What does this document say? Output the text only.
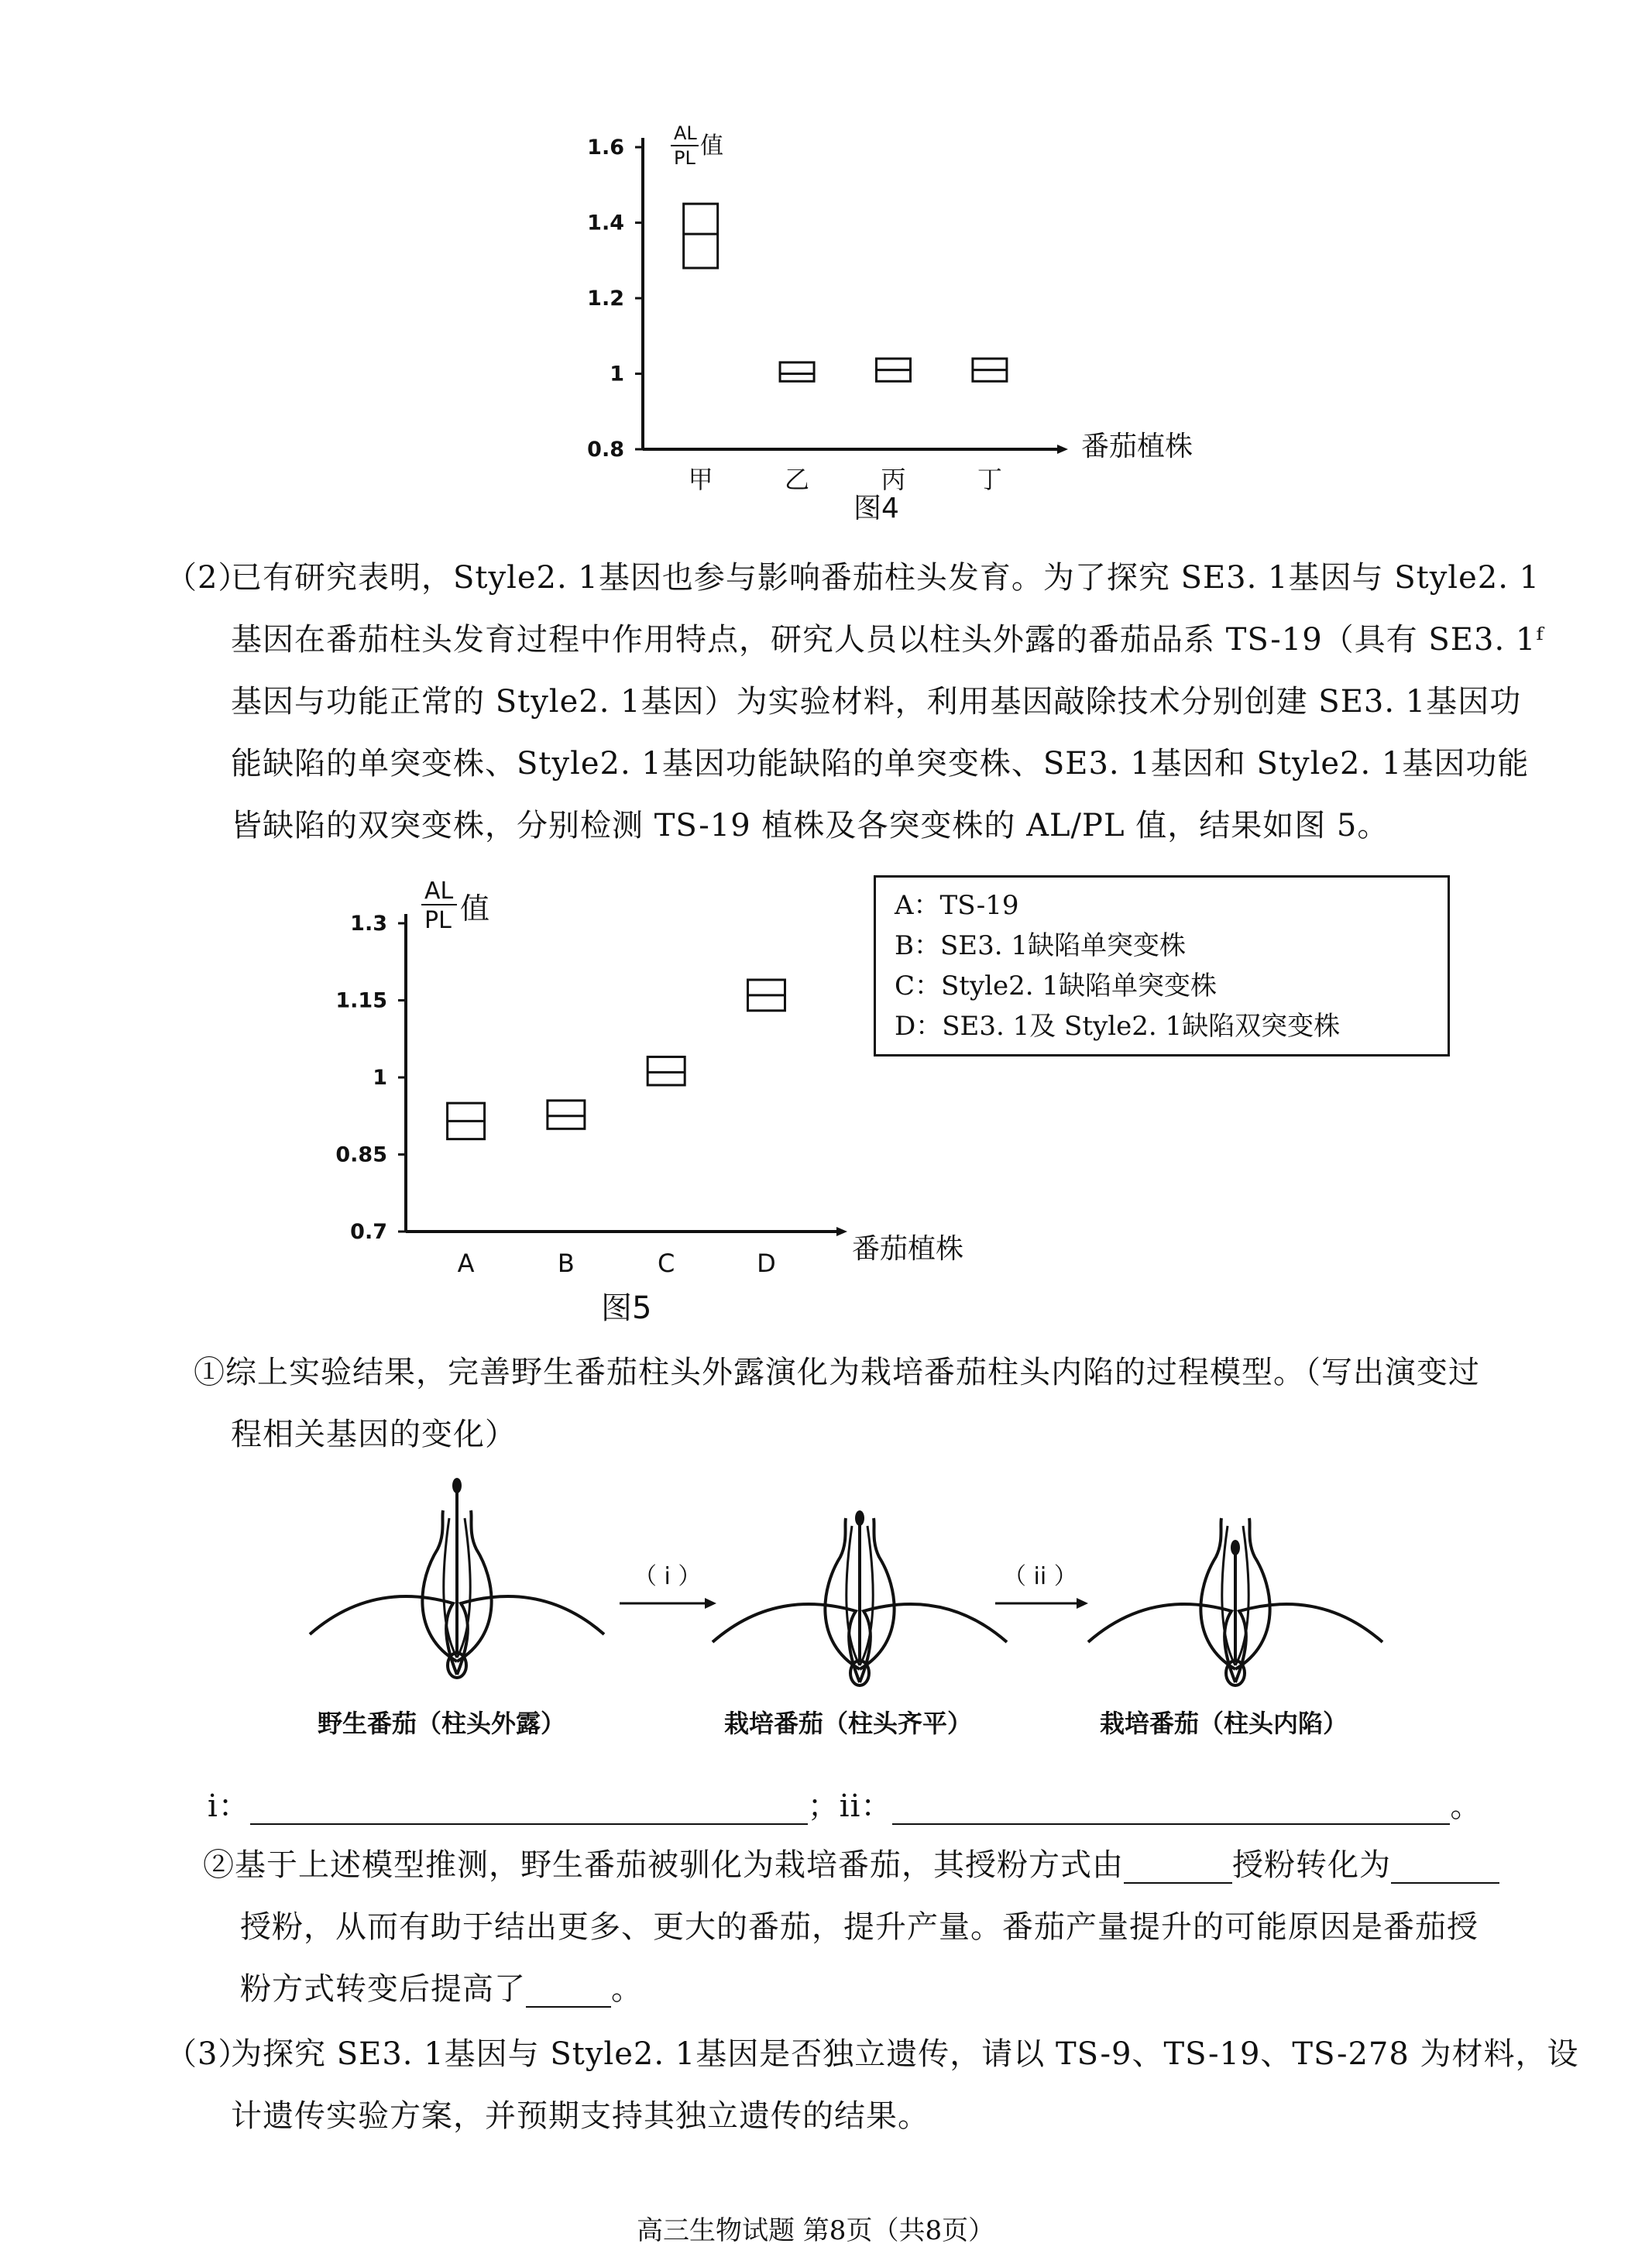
AL
PL 值
1.6
1.4
1.2
1
0.8
甲	乙	丙	丁
番茄植株
图4
（2）
已有研究表明，Style2. 1基因也参与影响番茄柱头发育。为了探究 SE3. 1基因与 Style2. 1
基因在番茄柱头发育过程中作用特点，研究人员以柱头外露的番茄品系 TS-19（具有 SE3. 1ᶠ
基因与功能正常的 Style2. 1基因）为实验材料，利用基因敲除技术分别创建 SE3. 1基因功
能缺陷的单突变株、Style2. 1基因功能缺陷的单突变株、SE3. 1基因和 Style2. 1基因功能
皆缺陷的双突变株，分别检测 TS-19 植株及各突变株的 AL/PL 值，结果如图 5。
AL
PL 值
1.3
1.15
1
0.85
0.7
A	B	C	D	番茄植株
图5
A：TS-19
B：SE3. 1缺陷单突变株
C：Style2. 1缺陷单突变株
D：SE3. 1及 Style2. 1缺陷双突变株
①综上实验结果，完善野生番茄柱头外露演化为栽培番茄柱头内陷的过程模型。（写出演变过
程相关基因的变化）
（ i ）	（ ii ）
野生番茄（柱头外露）	栽培番茄（柱头齐平）	栽培番茄（柱头内陷）
i：	；ii：	。
②基于上述模型推测，野生番茄被驯化为栽培番茄，其授粉方式由	授粉转化为
授粉，从而有助于结出更多、更大的番茄，提升产量。番茄产量提升的可能原因是番茄授
粉方式转变后提高了	。
（3）
为探究 SE3. 1基因与 Style2. 1基因是否独立遗传，请以 TS-9、TS-19、TS-278 为材料，设
计遗传实验方案，并预期支持其独立遗传的结果。
高三生物试题 第8页（共8页）
